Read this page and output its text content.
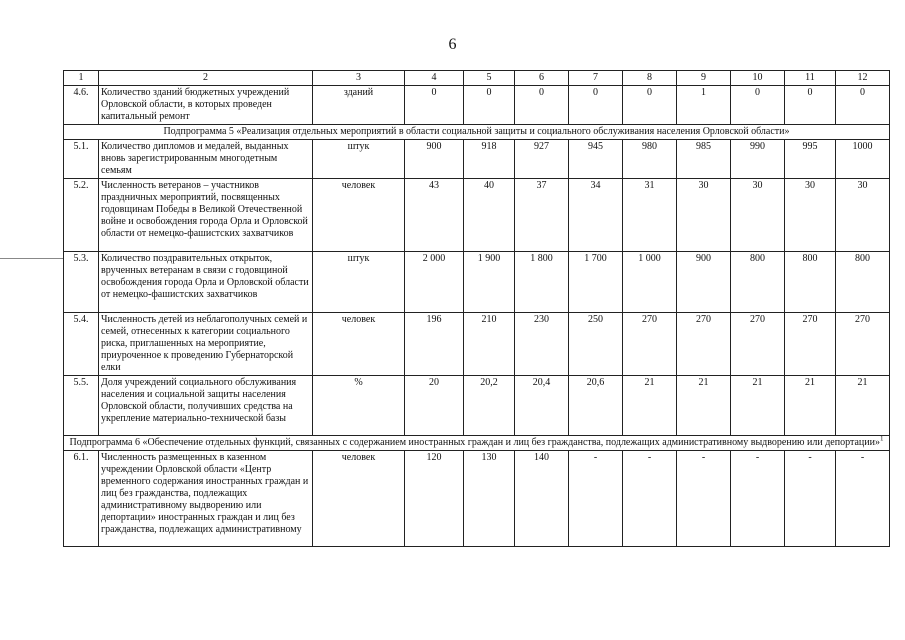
6
1	2	3	4	5	6	7	8	9	10	11	12
4.6.	Количество зданий бюджетных учреждений Орловской области, в которых проведен капитальный ремонт	зданий	0	0	0	0	0	1	0	0	0
Подпрограмма 5 «Реализация отдельных мероприятий в области социальной защиты и социального обслуживания населения Орловской области»											
5.1.	Количество дипломов и медалей, выданных вновь зарегистрированным многодетным семьям	штук	900	918	927	945	980	985	990	995	1000
5.2.	Численность ветеранов – участников праздничных мероприятий, посвященных годовщинам Победы в Великой Отечественной войне и освобождения города Орла и Орловской области от немецко-фашистских захватчиков	человек	43	40	37	34	31	30	30	30	30
5.3.	Количество поздравительных открыток, врученных ветеранам в связи с годовщиной освобождения города Орла и Орловской области от немецко-фашистских захватчиков	штук	2 000	1 900	1 800	1 700	1 000	900	800	800	800
5.4.	Численность детей из неблагополучных семей и семей, отнесенных к категории социального риска, приглашенных на мероприятие, приуроченное к проведению Губернаторской елки	человек	196	210	230	250	270	270	270	270	270
5.5.	Доля учреждений социального обслуживания населения и социальной защиты населения Орловской области, получивших средства на укрепление материально-технической базы	%	20	20,2	20,4	20,6	21	21	21	21	21
Подпрограмма 6 «Обеспечение отдельных функций, связанных с содержанием иностранных граждан и лиц без гражданства, подлежащих административному выдворению или депортации»$^1$
6.1.	Численность размещенных в казенном учреждении Орловской области «Центр временного содержания иностранных граждан и лиц без гражданства, подлежащих административному выдворению или депортации» иностранных граждан и лиц без гражданства, подлежащих административному	человек	120	130	140	-	-	-	-	-	-
